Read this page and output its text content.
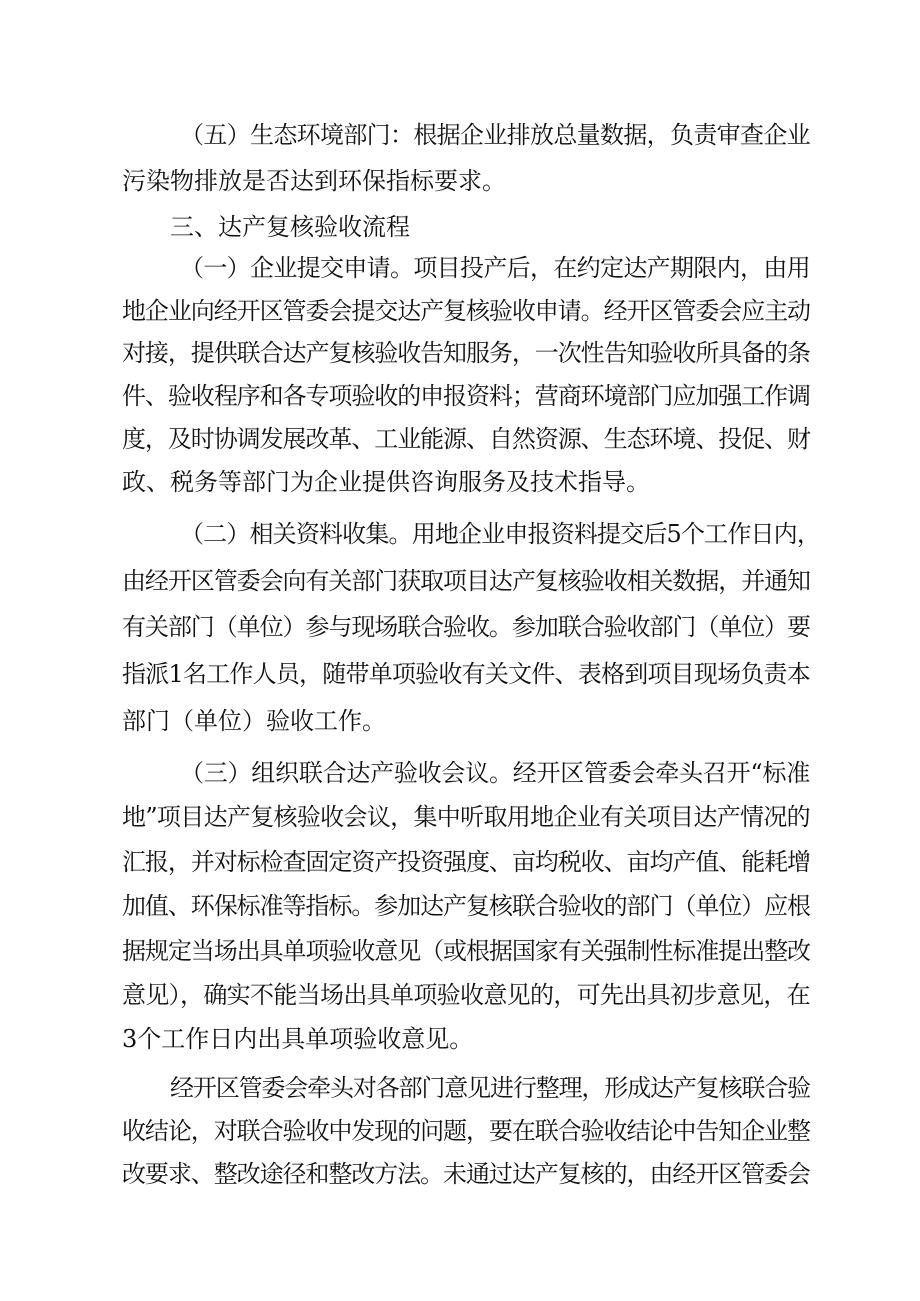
（五）生态环境部门：根据企业排放总量数据，负责审查企业
污染物排放是否达到环保指标要求。
三、达产复核验收流程
（一）企业提交申请。项目投产后，在约定达产期限内，由用
地企业向经开区管委会提交达产复核验收申请。经开区管委会应主动
对接，提供联合达产复核验收告知服务，一次性告知验收所具备的条
件、验收程序和各专项验收的申报资料；营商环境部门应加强工作调
度，及时协调发展改革、工业能源、自然资源、生态环境、投促、财
政、税务等部门为企业提供咨询服务及技术指导。
（二）相关资料收集。用地企业申报资料提交后5个工作日内，
由经开区管委会向有关部门获取项目达产复核验收相关数据，并通知
有关部门（单位）参与现场联合验收。参加联合验收部门（单位）要
指派1名工作人员，随带单项验收有关文件、表格到项目现场负责本
部门（单位）验收工作。
（三）组织联合达产验收会议。经开区管委会牵头召开“标准
地”项目达产复核验收会议，集中听取用地企业有关项目达产情况的
汇报，并对标检查固定资产投资强度、亩均税收、亩均产值、能耗增
加值、环保标准等指标。参加达产复核联合验收的部门（单位）应根
据规定当场出具单项验收意见（或根据国家有关强制性标准提出整改
意见），确实不能当场出具单项验收意见的，可先出具初步意见，在
3个工作日内出具单项验收意见。
经开区管委会牵头对各部门意见进行整理，形成达产复核联合验
收结论，对联合验收中发现的问题，要在联合验收结论中告知企业整
改要求、整改途径和整改方法。未通过达产复核的，由经开区管委会
